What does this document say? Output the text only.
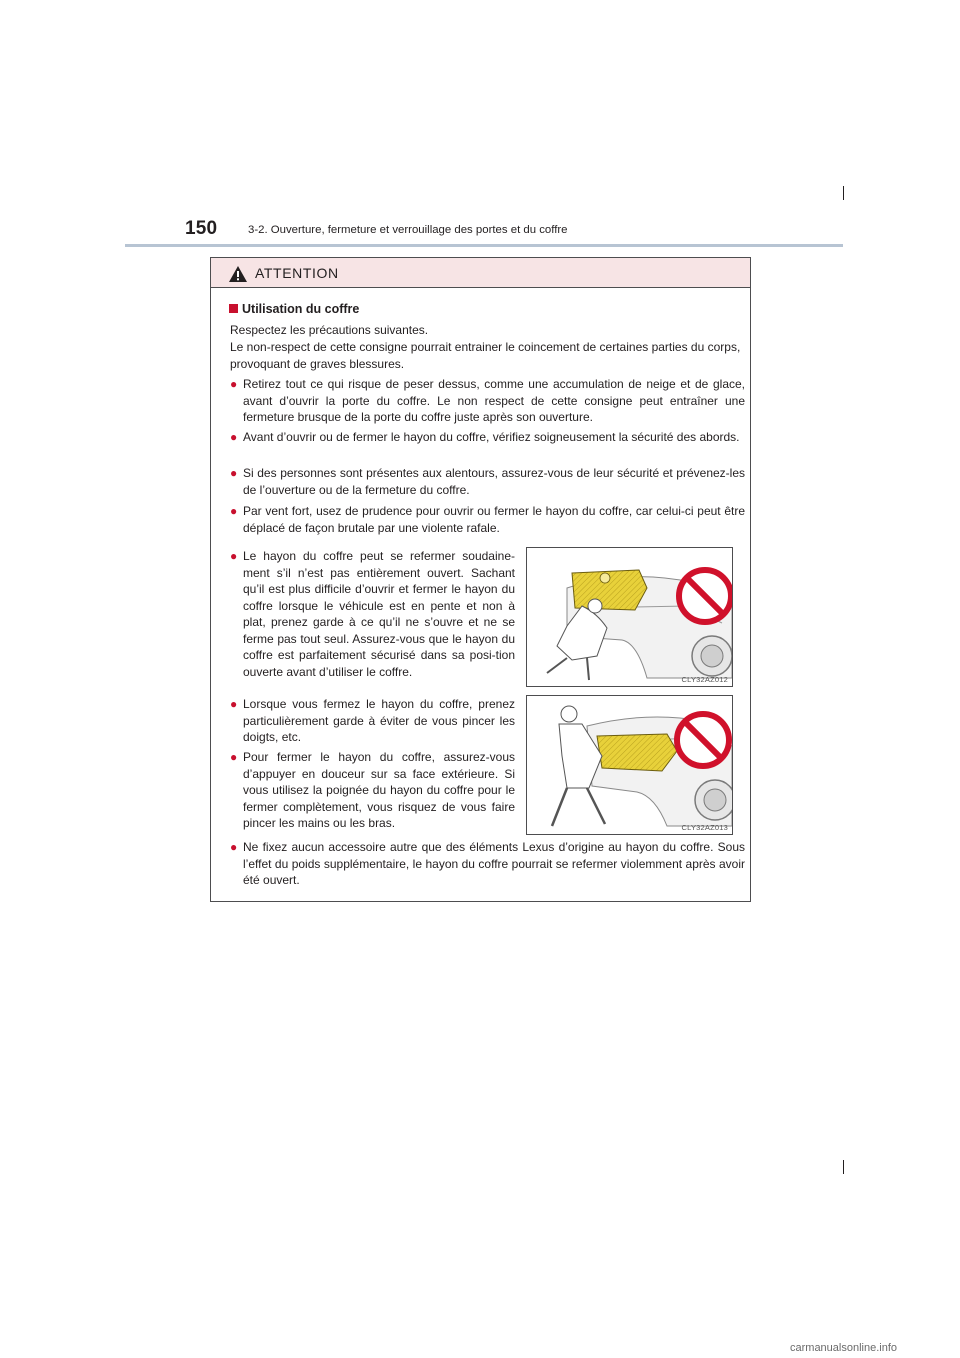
150	3-2. Ouverture, fermeture et verrouillage des portes et du coffre
ATTENTION
Utilisation du coffre
Respectez les précautions suivantes.
Le non-respect de cette consigne pourrait entrainer le coincement de certaines parties du corps, provoquant de graves blessures.
● Retirez tout ce qui risque de peser dessus, comme une accumulation de neige et de glace, avant d’ouvrir la porte du coffre. Le non respect de cette consigne peut entraîner une fermeture brusque de la porte du coffre juste après son ouverture.
● Avant d’ouvrir ou de fermer le hayon du coffre, vérifiez soigneusement la sécurité des abords.
● Si des personnes sont présentes aux alentours, assurez-vous de leur sécurité et prévenez-les de l’ouverture ou de la fermeture du coffre.
● Par vent fort, usez de prudence pour ouvrir ou fermer le hayon du coffre, car celui-ci peut être déplacé de façon brutale par une violente rafale.
● Le hayon du coffre peut se refermer soudaine-ment s’il n’est pas entièrement ouvert. Sachant qu’il est plus difficile d’ouvrir et fermer le hayon du coffre lorsque le véhicule est en pente et non à plat, prenez garde à ce qu’il ne s’ouvre et ne se ferme pas tout seul. Assurez-vous que le hayon du coffre est parfaitement sécurisé dans sa posi-tion ouverte avant d’utiliser le coffre.
● Lorsque vous fermez le hayon du coffre, prenez particulièrement garde à éviter de vous pincer les doigts, etc.
● Pour fermer le hayon du coffre, assurez-vous d’appuyer en douceur sur sa face extérieure. Si vous utilisez la poignée du hayon du coffre pour le fermer complètement, vous risquez de vous faire pincer les mains ou les bras.
● Ne fixez aucun accessoire autre que des éléments Lexus d’origine au hayon du coffre. Sous l’effet du poids supplémentaire, le hayon du coffre pourrait se refermer violemment après avoir été ouvert.
CLY32AZ012
CLY32AZ013
carmanualsonline.info
